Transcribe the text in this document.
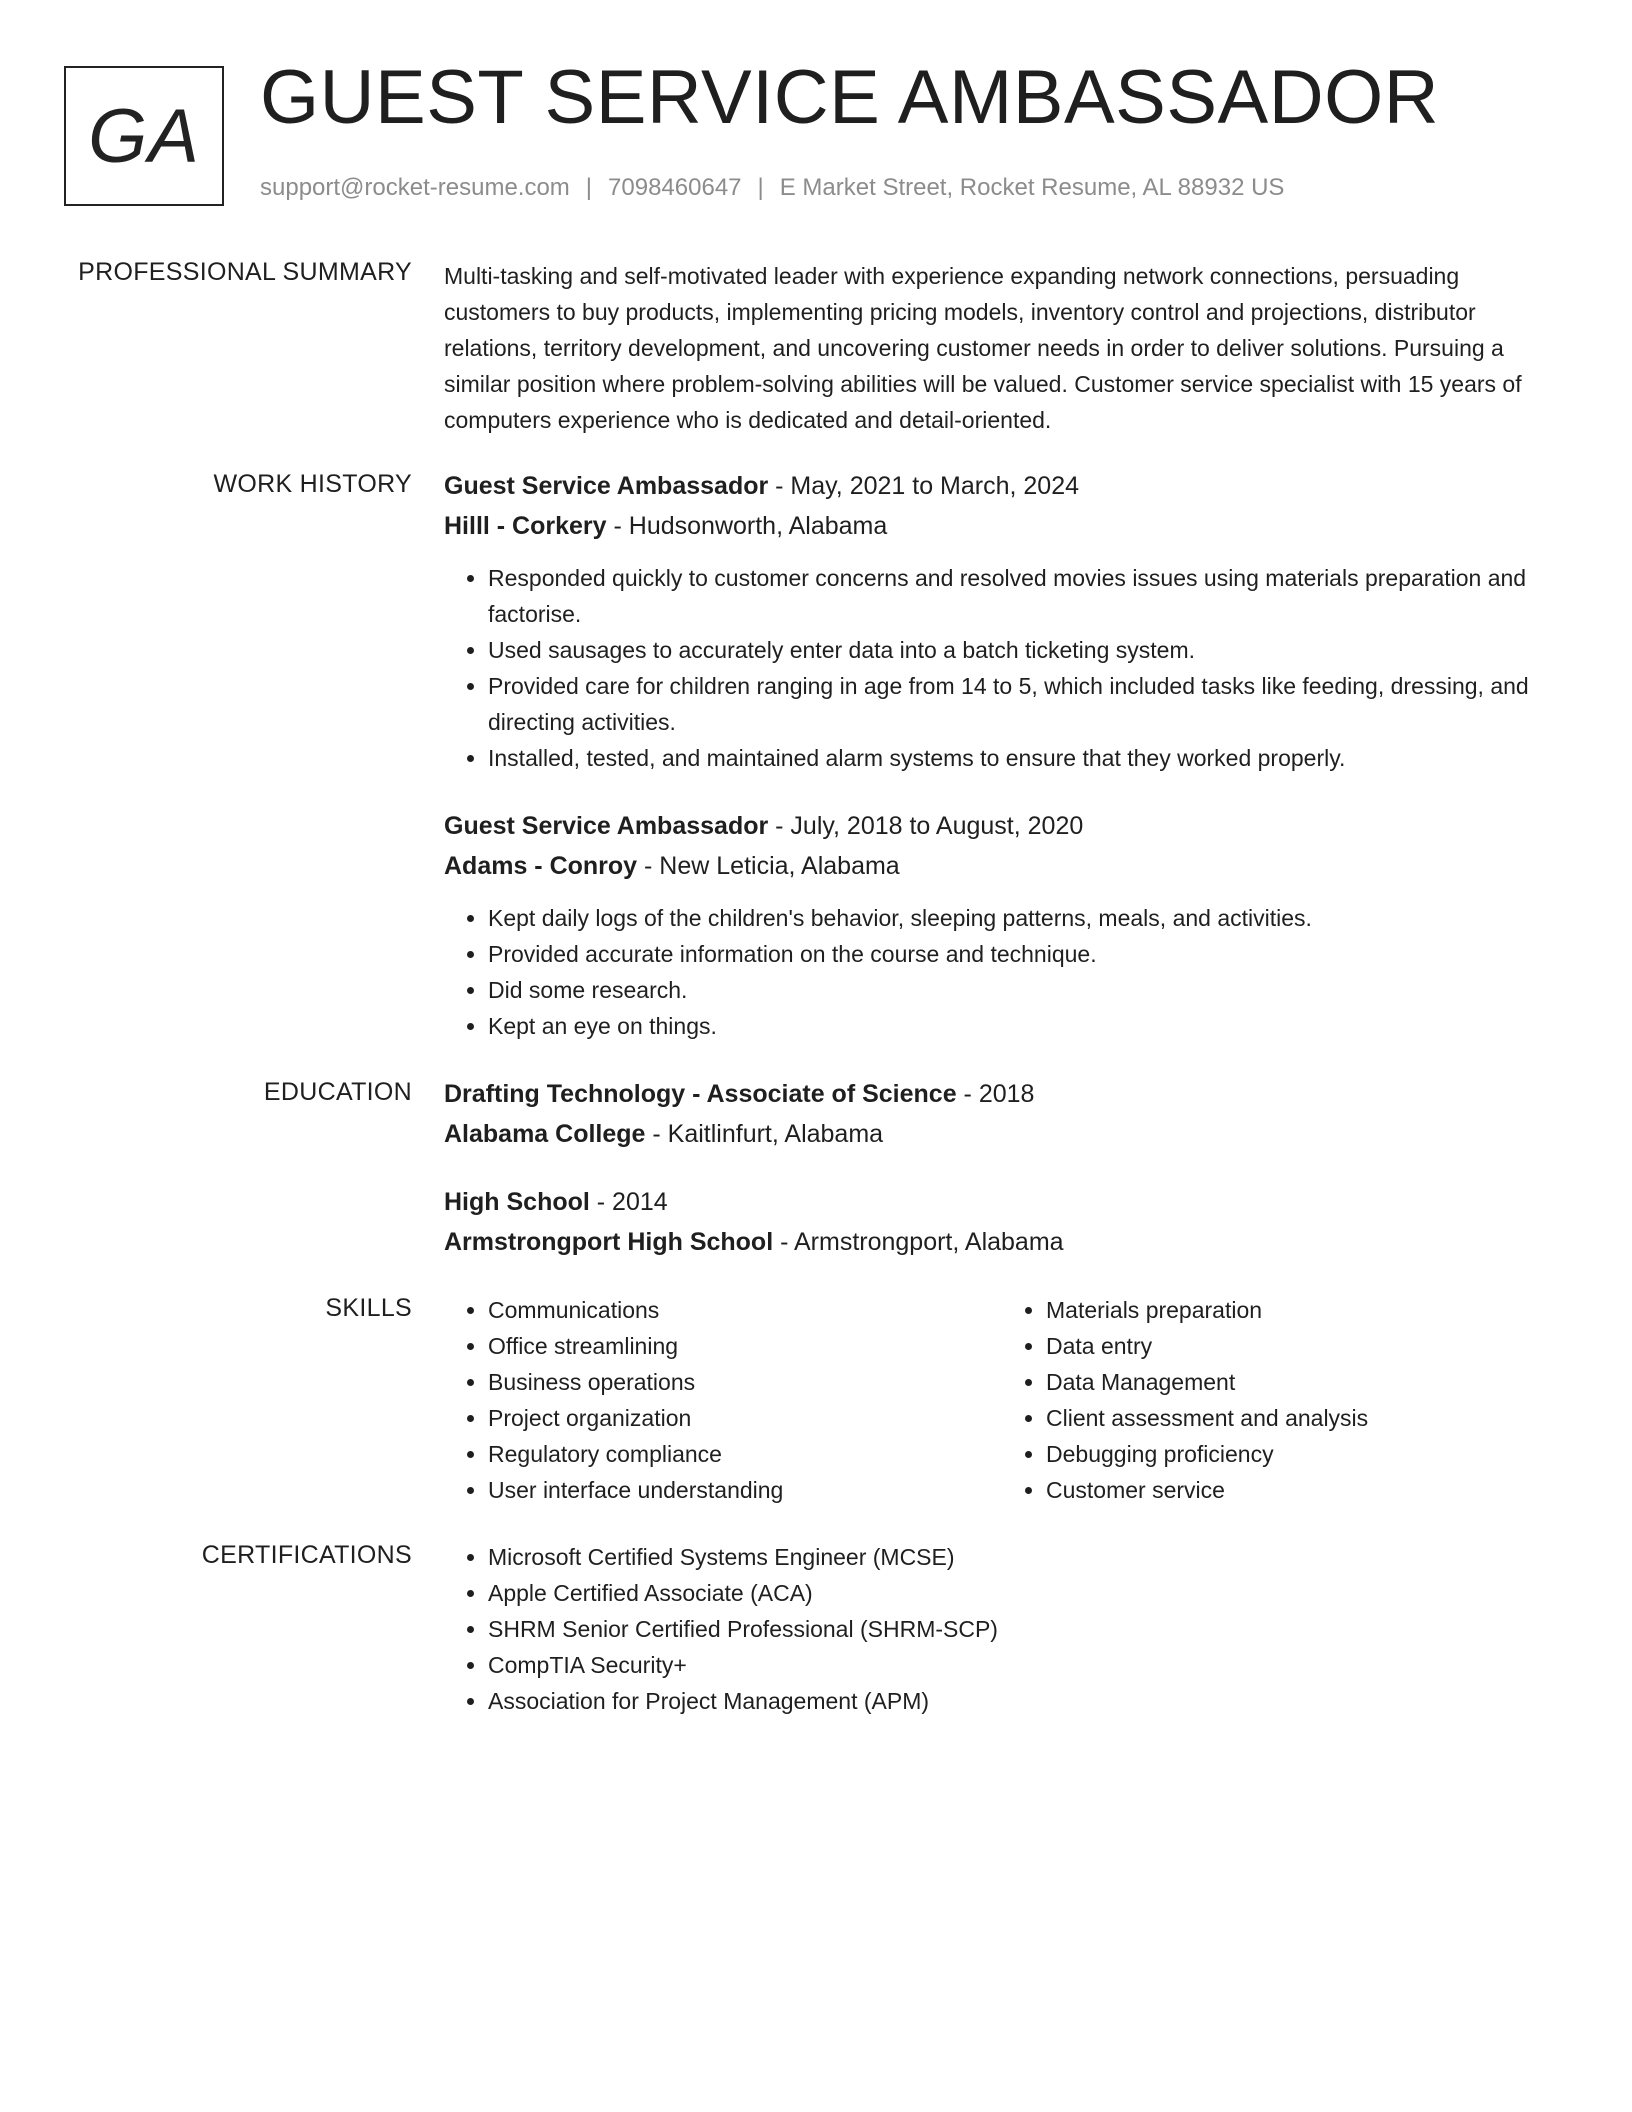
GA GUEST SERVICE AMBASSADOR
support@rocket-resume.com | 7098460647 | E Market Street, Rocket Resume, AL 88932 US
PROFESSIONAL SUMMARY Multi-tasking and self-motivated leader with experience expanding network connections, persuading customers to buy products, implementing pricing models, inventory control and projections, distributor relations, territory development, and uncovering customer needs in order to deliver solutions. Pursuing a similar position where problem-solving abilities will be valued. Customer service specialist with 15 years of computers experience who is dedicated and detail-oriented.

WORK HISTORY Guest Service Ambassador - May, 2021 to March, 2024
Hilll - Corkery - Hudsonworth, Alabama
• Responded quickly to customer concerns and resolved movies issues using materials preparation and factorise.
• Used sausages to accurately enter data into a batch ticketing system.
• Provided care for children ranging in age from 14 to 5, which included tasks like feeding, dressing, and directing activities.
• Installed, tested, and maintained alarm systems to ensure that they worked properly.
Guest Service Ambassador - July, 2018 to August, 2020
Adams - Conroy - New Leticia, Alabama
• Kept daily logs of the children's behavior, sleeping patterns, meals, and activities.
• Provided accurate information on the course and technique.
• Did some research.
• Kept an eye on things.
EDUCATION Drafting Technology - Associate of Science - 2018
Alabama College - Kaitlinfurt, Alabama
High School - 2014
Armstrongport High School - Armstrongport, Alabama
SKILLS	• Communications
• Office streamlining
• Business operations
• Project organization
• Regulatory compliance
• User interface understanding
• Materials preparation
• Data entry
• Data Management
• Client assessment and analysis
• Debugging proficiency
• Customer service
CERTIFICATIONS	• Microsoft Certified Systems Engineer (MCSE)
• Apple Certified Associate (ACA)
• SHRM Senior Certified Professional (SHRM-SCP)
• CompTIA Security+
• Association for Project Management (APM)
